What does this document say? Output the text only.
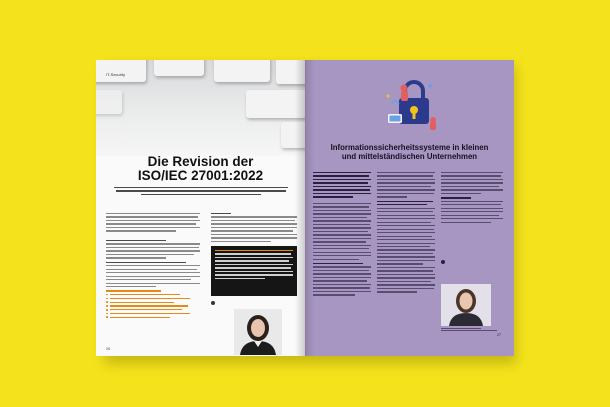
IT-Security
Die Revision der
ISO/IEC 27001:2022

26
Informationssicherheitssysteme in kleinen
und mittelständischen Unternehmen
27
